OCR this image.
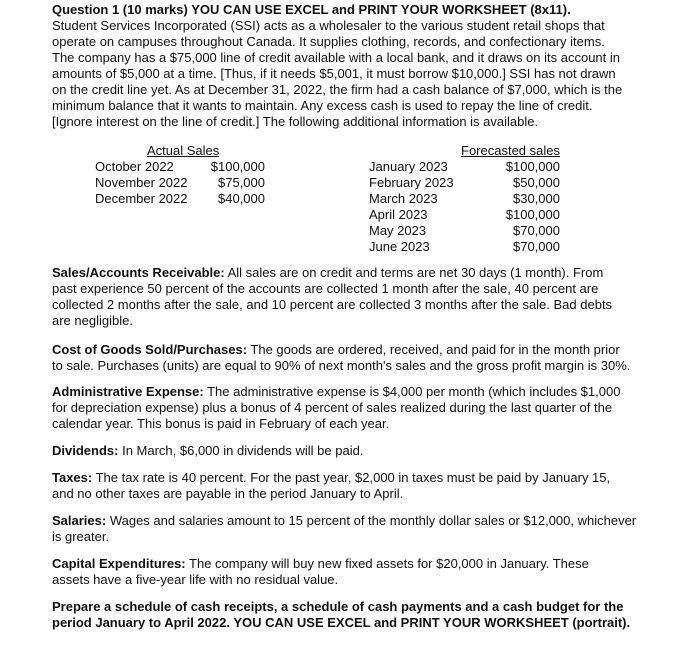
Question 1 (10 marks) YOU CAN USE EXCEL and PRINT YOUR WORKSHEET (8x11).

Student Services Incorporated (SSI) acts as a wholesaler to the various student retail shops that

operate on campuses throughout Canada. It supplies clothing, records, and confectionary items.

The company has a $75,000 line of credit available with a local bank, and it draws on its account in

amounts of $5,000 at a time. [Thus, if it needs $5,001, it must borrow $10,000.] SSI has not drawn

on the credit line yet. As at December 31, 2022, the firm had a cash balance of $7,000, which is the

minimum balance that it wants to maintain. Any excess cash is used to repay the line of credit.

[Ignore interest on the line of credit.] The following additional information is available.

Actual Sales
October 2022	$100,000
November 2022 $75,000
December 2022 $40,000
Forecasted sales
January 2023	$100,000
February 2023	$50,000
March 2023	$30,000
April 2023	$100,000
May 2023	$70,000
June 2023	$70,000
Sales/Accounts Receivable: All sales are on credit and terms are net 30 days (1 month). From
past experience 50 percent of the accounts are collected 1 month after the sale, 40 percent are
collected 2 months after the sale, and 10 percent are collected 3 months after the sale. Bad debts
are negligible.
Cost of Goods Sold/Purchases: The goods are ordered, received, and paid for in the month prior
to sale. Purchases (units) are equal to 90% of next month's sales and the gross profit margin is 30%.
Administrative Expense: The administrative expense is $4,000 per month (which includes $1,000
for depreciation expense) plus a bonus of 4 percent of sales realized during the last quarter of the
calendar year. This bonus is paid in February of each year.
Dividends: In March, $6,000 in dividends will be paid.
Taxes: The tax rate is 40 percent. For the past year, $2,000 in taxes must be paid by January 15,
and no other taxes are payable in the period January to April.
Salaries: Wages and salaries amount to 15 percent of the monthly dollar sales or $12,000, whichever
is greater.
Capital Expenditures: The company will buy new fixed assets for $20,000 in January. These
assets have a five-year life with no residual value.
Prepare a schedule of cash receipts, a schedule of cash payments and a cash budget for the
period January to April 2022. YOU CAN USE EXCEL and PRINT YOUR WORKSHEET (portrait).
